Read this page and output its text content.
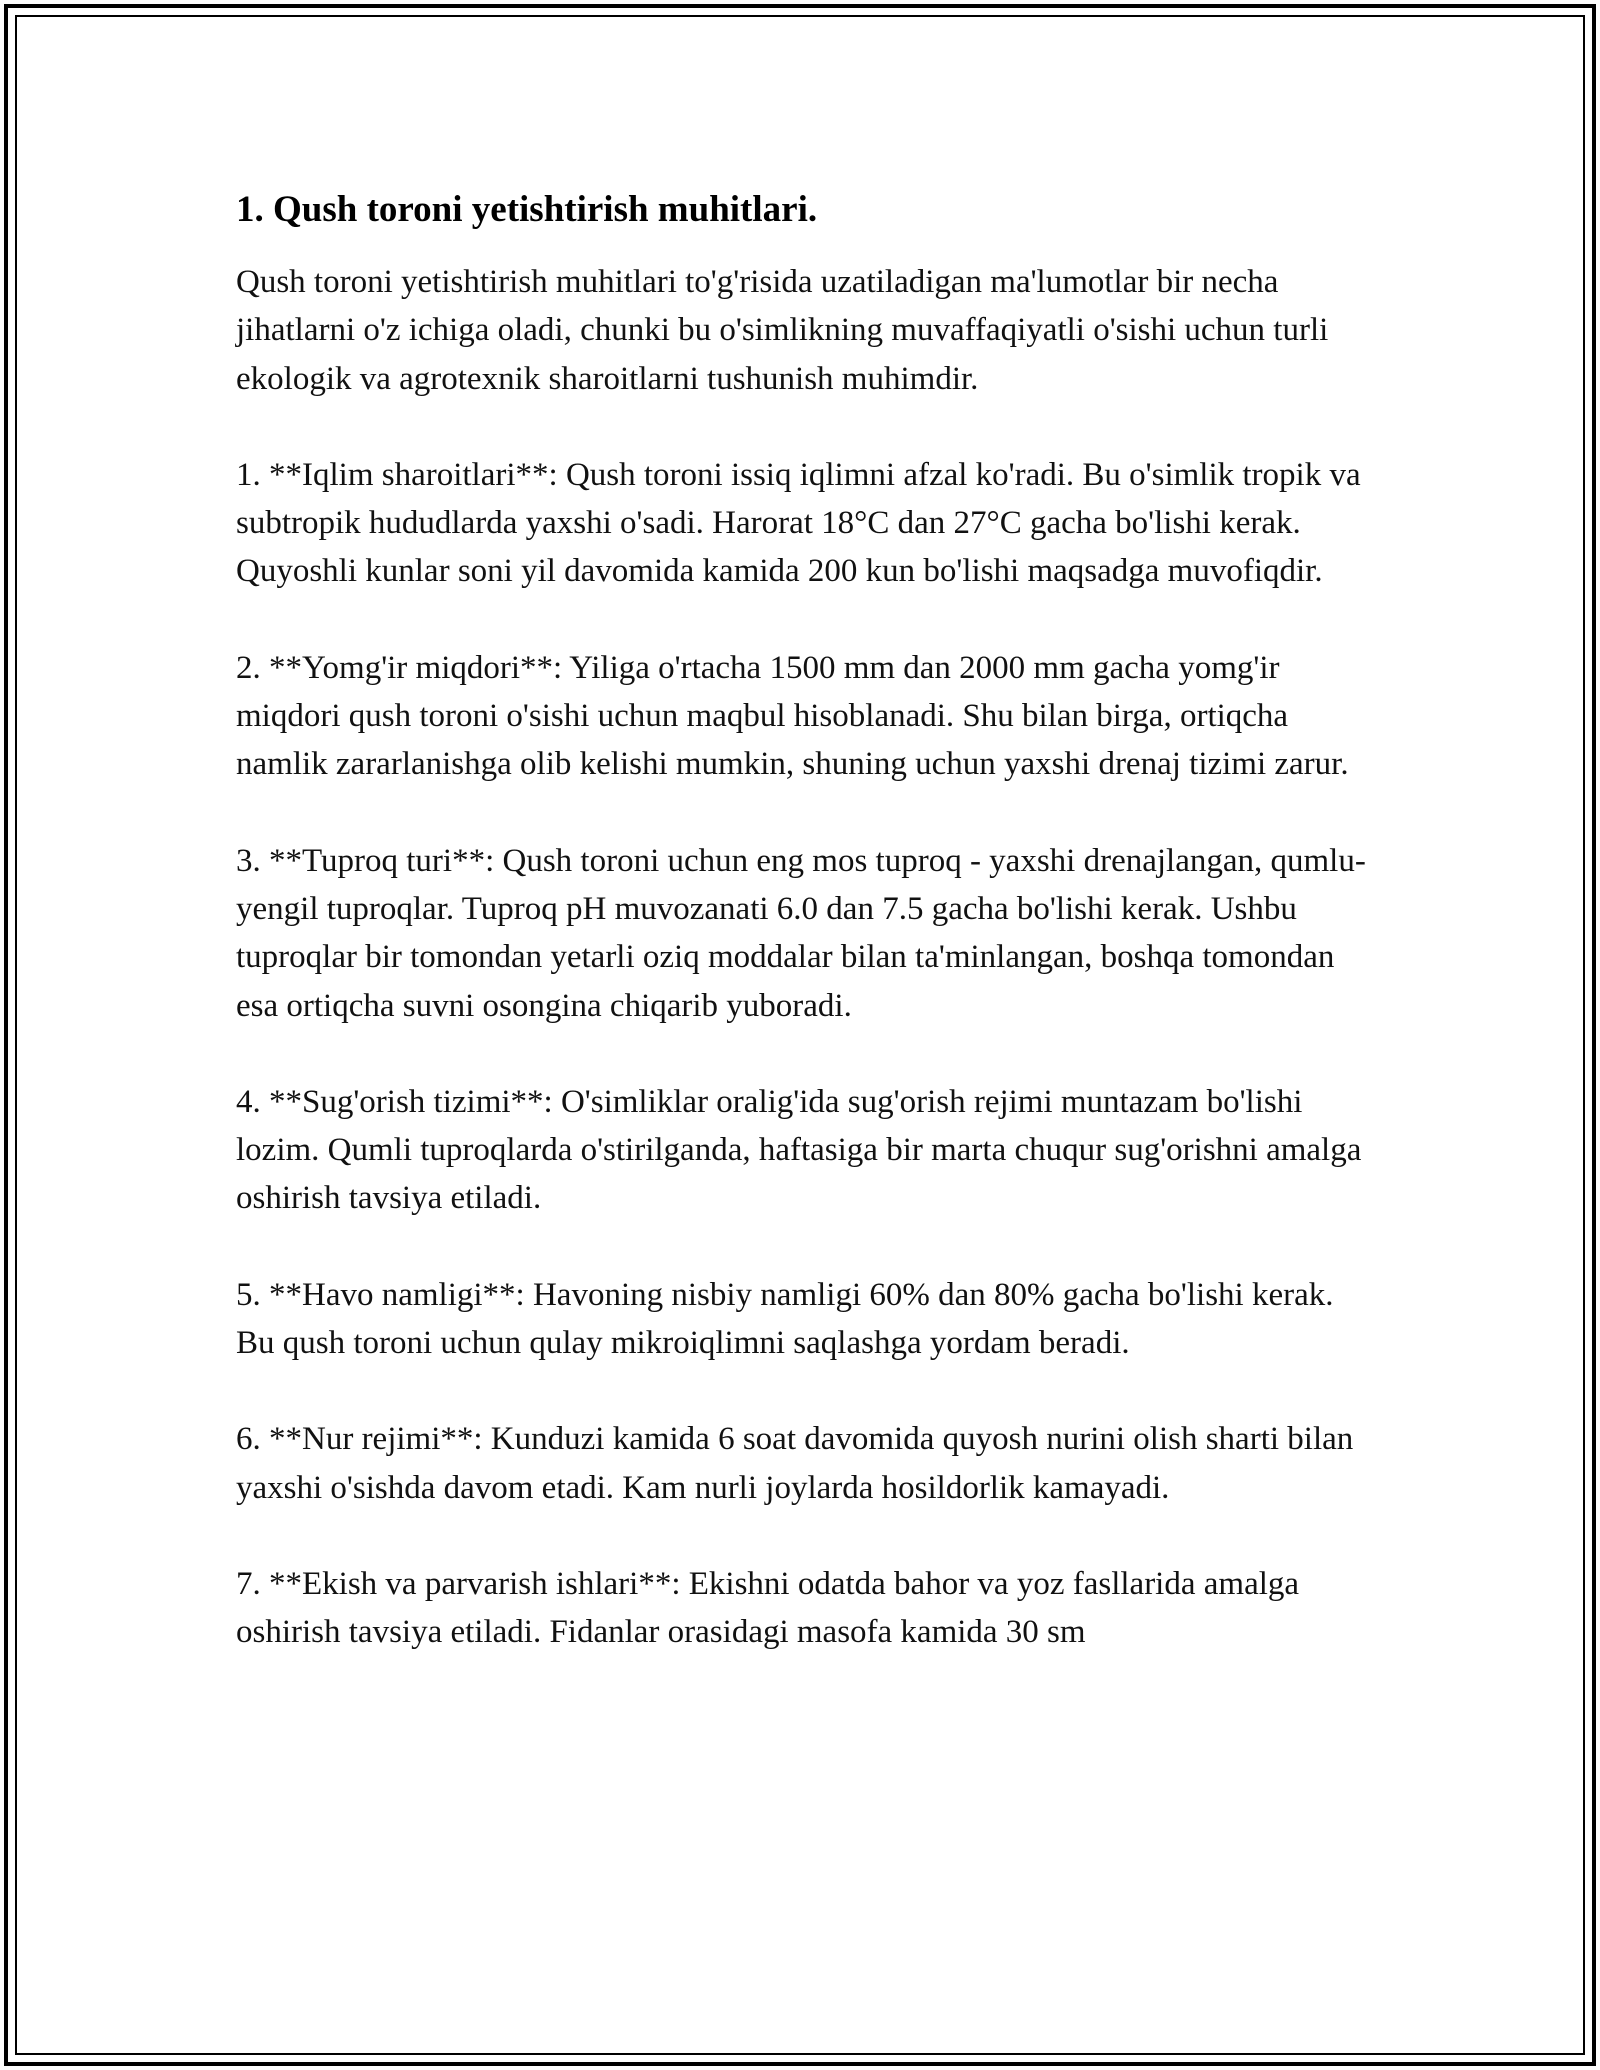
1. Qush toroni yetishtirish muhitlari.

Qush toroni yetishtirish muhitlari to'g'risida uzatiladigan ma'lumotlar bir necha jihatlarni o'z ichiga oladi, chunki bu o'simlikning muvaffaqiyatli o'sishi uchun turli ekologik va agrotexnik sharoitlarni tushunish muhimdir.

1. **Iqlim sharoitlari**: Qush toroni issiq iqlimni afzal ko'radi. Bu o'simlik tropik va subtropik hududlarda yaxshi o'sadi. Harorat 18°C dan 27°C gacha bo'lishi kerak. Quyoshli kunlar soni yil davomida kamida 200 kun bo'lishi maqsadga muvofiqdir.

2. **Yomg'ir miqdori**: Yiliga o'rtacha 1500 mm dan 2000 mm gacha yomg'ir miqdori qush toroni o'sishi uchun maqbul hisoblanadi. Shu bilan birga, ortiqcha namlik zararlanishga olib kelishi mumkin, shuning uchun yaxshi drenaj tizimi zarur.

3. **Tuproq turi**: Qush toroni uchun eng mos tuproq - yaxshi drenajlangan, qumlu-yengil tuproqlar. Tuproq pH muvozanati 6.0 dan 7.5 gacha bo'lishi kerak. Ushbu tuproqlar bir tomondan yetarli oziq moddalar bilan ta'minlangan, boshqa tomondan esa ortiqcha suvni osongina chiqarib yuboradi.

4. **Sug'orish tizimi**: O'simliklar oralig'ida sug'orish rejimi muntazam bo'lishi lozim. Qumli tuproqlarda o'stirilganda, haftasiga bir marta chuqur sug'orishni amalga oshirish tavsiya etiladi.

5. **Havo namligi**: Havoning nisbiy namligi 60% dan 80% gacha bo'lishi kerak. Bu qush toroni uchun qulay mikroiqlimni saqlashga yordam beradi.

6. **Nur rejimi**: Kunduzi kamida 6 soat davomida quyosh nurini olish sharti bilan yaxshi o'sishda davom etadi. Kam nurli joylarda hosildorlik kamayadi.

7. **Ekish va parvarish ishlari**: Ekishni odatda bahor va yoz fasllarida amalga oshirish tavsiya etiladi. Fidanlar orasidagi masofa kamida 30 sm
